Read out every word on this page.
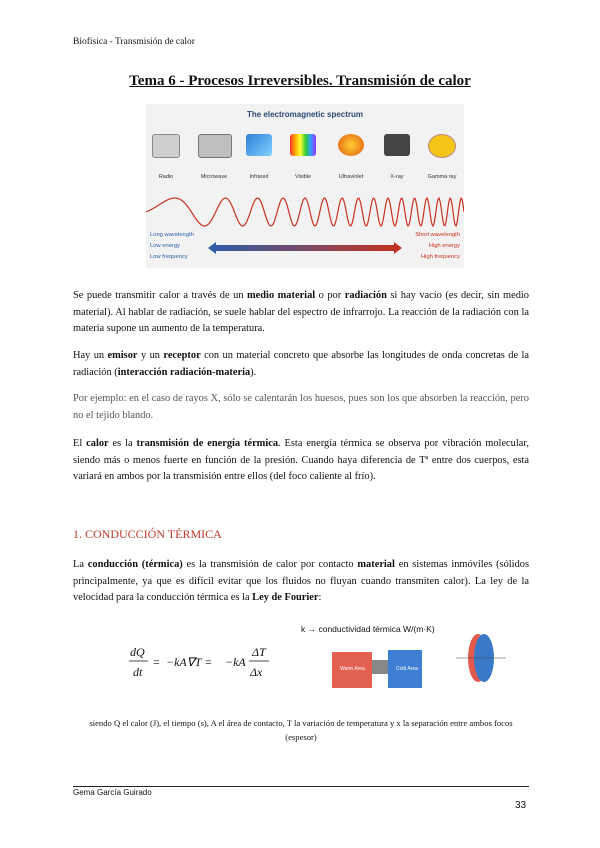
Biofísica - Transmisión de calor
Tema 6 - Procesos Irreversibles. Transmisión de calor
The electromagnetic spectrum
Radio	Microwave	Infrared	Visible	Ultraviolet	X-ray	Gamma ray
Long wavelength
Low energy
Low frequency
Short wavelength
High energy
High frequency

Se puede transmitir calor a través de un medio material o por radiación si hay vacío (es decir, sin medio material). Al hablar de radiación, se suele hablar del espectro de infrarrojo. La reacción de la radiación con la materia supone un aumento de la temperatura.

Hay un emisor y un receptor con un material concreto que absorbe las longitudes de onda concretas de la radiación (interacción radiación-materia).

Por ejemplo: en el caso de rayos X, sólo se calentarán los huesos, pues son los que absorben la reacción, pero no el tejido blando.

El calor es la transmisión de energía térmica. Esta energía térmica se observa por vibración molecular, siendo más o menos fuerte en función de la presión. Cuando haya diferencia de Tª entre dos cuerpos, esta variará en ambos por la transmisión entre ellos (del foco caliente al frío).

1. CONDUCCIÓN TÉRMICA

La conducción (térmica) es la transmisión de calor por contacto material en sistemas inmóviles (sólidos principalmente, ya que es difícil evitar que los fluidos no fluyan cuando transmiten calor). La ley de la velocidad para la conducción térmica es la Ley de Fourier:

dQ
dt
= −kA∇T = −kA
ΔT
Δx
k → conductividad térmica W/(m·K)
Warm Area	Cold Area
siendo Q el calor (J), el tiempo (s), A el área de contacto, T la variación de temperatura y x la separación entre ambos focos (espesor)
Gema García Guirado
33
